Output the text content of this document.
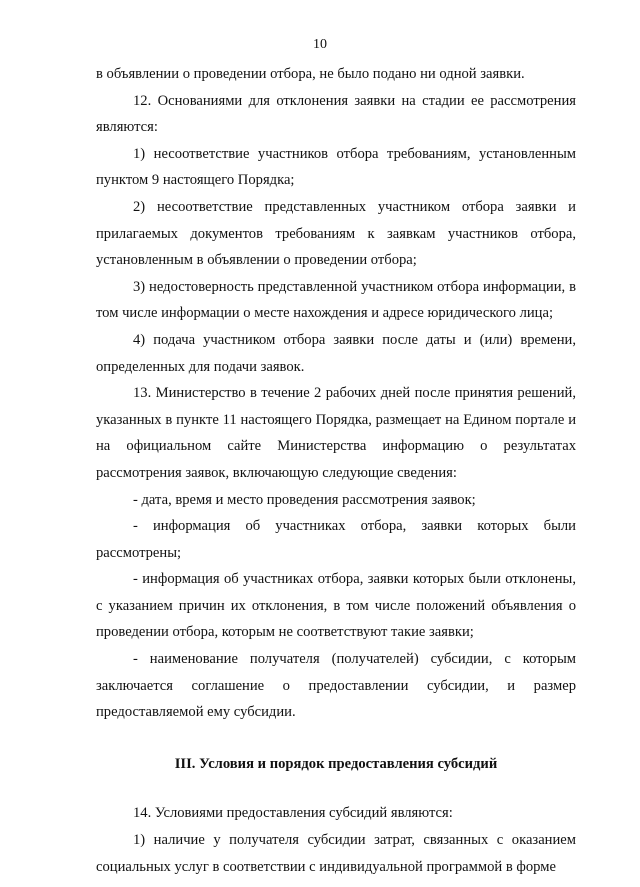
10

в объявлении о проведении отбора, не было подано ни одной заявки.

12. Основаниями для отклонения заявки на стадии ее рассмотрения являются:

1) несоответствие участников отбора требованиям, установленным пунктом 9 настоящего Порядка;

2) несоответствие представленных участником отбора заявки и прилагаемых документов требованиям к заявкам участников отбора, установленным в объявлении о проведении отбора;

3) недостоверность представленной участником отбора информации, в том числе информации о месте нахождения и адресе юридического лица;

4) подача участником отбора заявки после даты и (или) времени, определенных для подачи заявок.

13. Министерство в течение 2 рабочих дней после принятия решений, указанных в пункте 11 настоящего Порядка, размещает на Едином портале и на официальном сайте Министерства информацию о результатах рассмотрения заявок, включающую следующие сведения:

- дата, время и место проведения рассмотрения заявок;

- информация об участниках отбора, заявки которых были рассмотрены;

- информация об участниках отбора, заявки которых были отклонены, с указанием причин их отклонения, в том числе положений объявления о проведении отбора, которым не соответствуют такие заявки;

- наименование получателя (получателей) субсидии, с которым заключается соглашение о предоставлении субсидии, и размер предоставляемой ему субсидии.

III. Условия и порядок предоставления субсидий

14. Условиями предоставления субсидий являются:

1) наличие у получателя субсидии затрат, связанных с оказанием социальных услуг в соответствии с индивидуальной программой в форме
